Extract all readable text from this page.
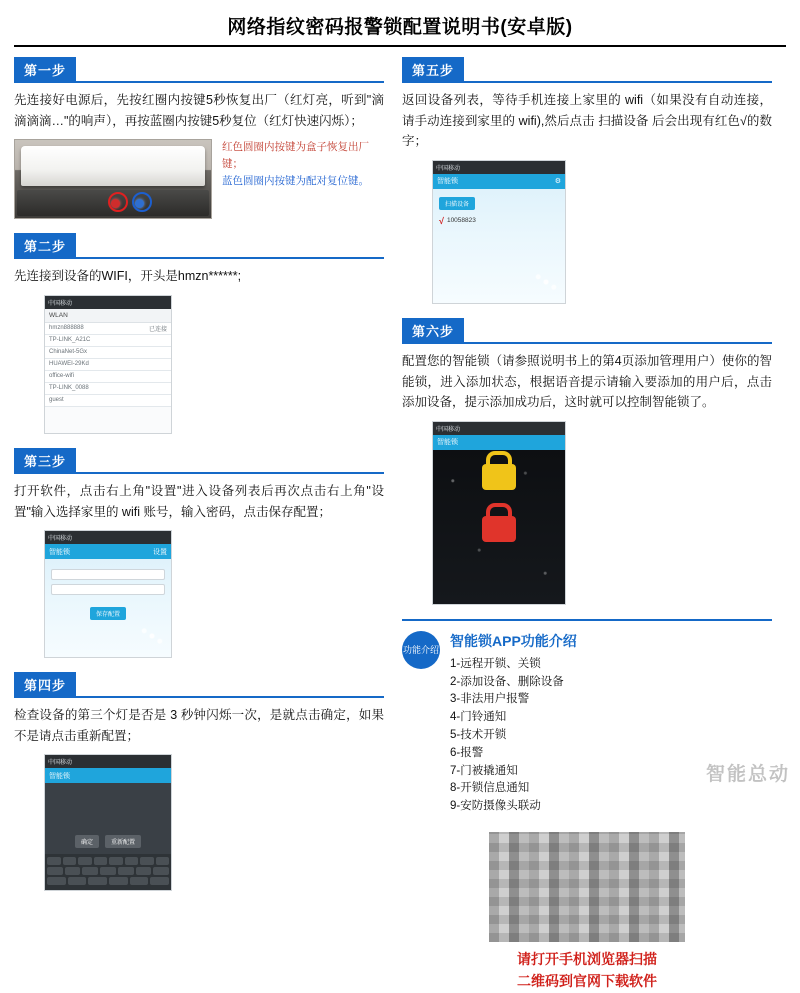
网络指纹密码报警锁配置说明书(安卓版)
第一步

先连接好电源后，先按红圈内按键5秒恢复出厂（红灯亮，听到"滴滴滴滴…"的响声），再按蓝圈内按键5秒复位（红灯快速闪烁）；

红色圆圈内按键为盒子恢复出厂键；
蓝色圆圈内按键为配对复位键。
第二步

先连接到设备的WIFI，开头是hmzn******;

中国移动
WLAN
hmzn888888	已连接
TP-LINK_A21C
ChinaNet-5Gx
HUAWEI-29Kd
office-wifi
TP-LINK_0088
guest
第三步

打开软件，点击右上角"设置"进入设备列表后再次点击右上角"设置"输入选择家里的 wifi 账号，输入密码，点击保存配置；

中国移动
智能锁	设置
保存配置
第四步

检查设备的第三个灯是否是 3 秒钟闪烁一次，是就点击确定，如果不是请点击重新配置；

中国移动
智能锁
确定	重新配置
第五步

返回设备列表，等待手机连接上家里的 wifi（如果没有自动连接，请手动连接到家里的 wifi),然后点击 扫描设备 后会出现有红色√的数字；

中国移动
智能锁	⚙
扫描设备
√ 10058823
第六步

配置您的智能锁（请参照说明书上的第4页添加管理用户）使你的智能锁，进入添加状态，根据语音提示请输入要添加的用户后，点击添加设备，提示添加成功后，这时就可以控制智能锁了。

中国移动
智能锁
功能介绍
智能锁APP功能介绍
1-远程开锁、关锁
2-添加设备、删除设备
3-非法用户报警
4-门铃通知
5-技术开锁
6-报警
7-门被撬通知
8-开锁信息通知
9-安防摄像头联动
请打开手机浏览器扫描
二维码到官网下载软件
智能总动
